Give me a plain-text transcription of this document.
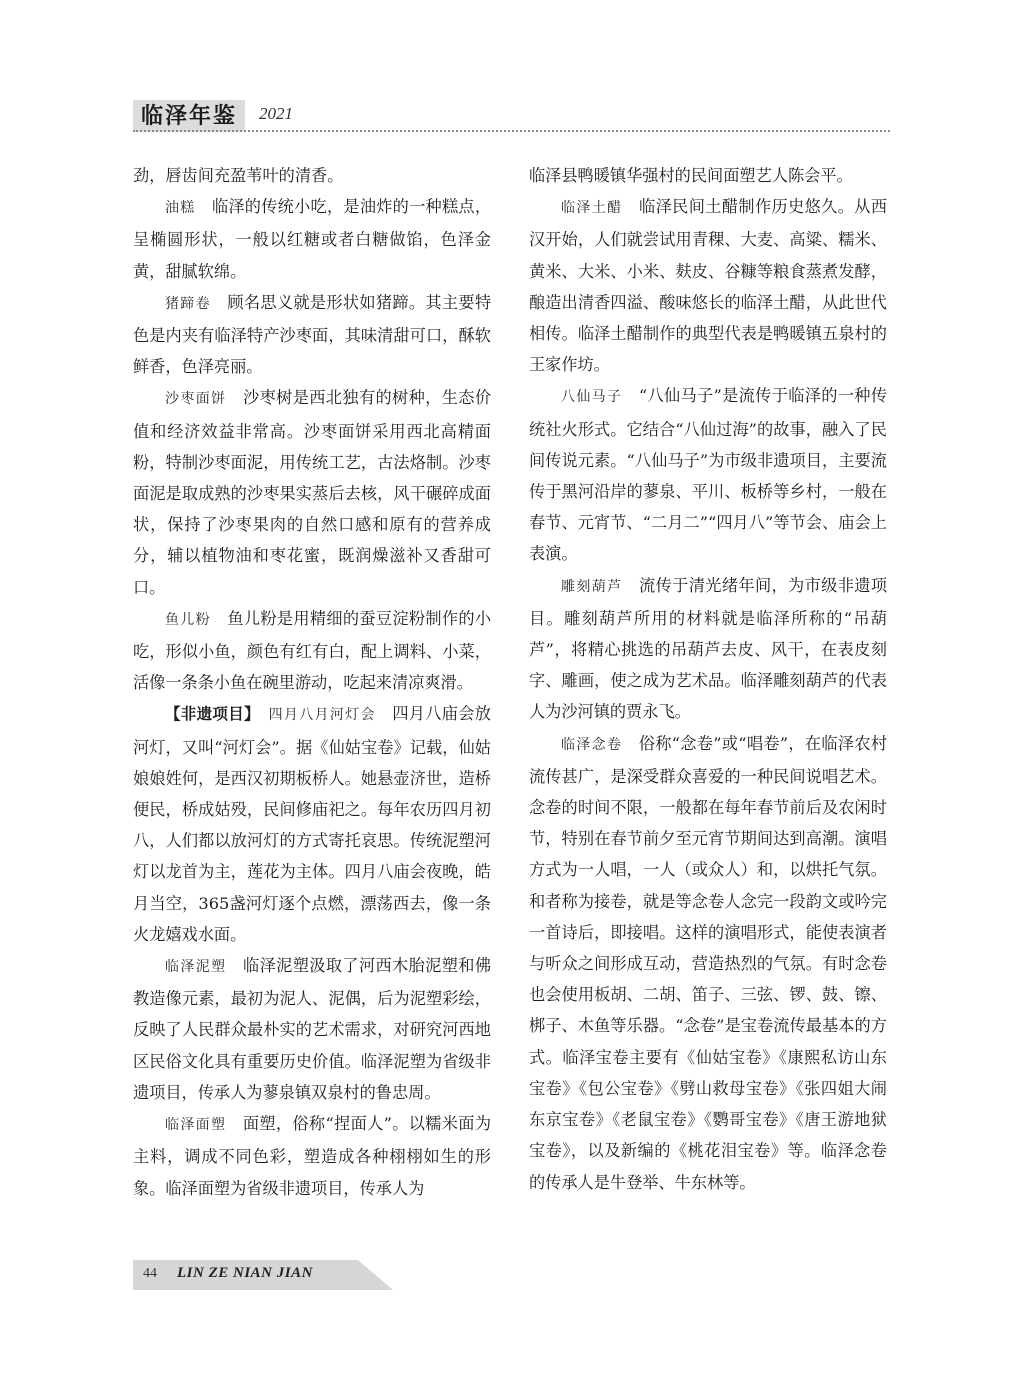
临泽年鉴	2021

劲，唇齿间充盈苇叶的清香。

油糕　 临泽的传统小吃，是油炸的一种糕点，呈椭圆形状，一般以红糖或者白糖做馅，色泽金黄，甜腻软绵。

猪蹄卷　 顾名思义就是形状如猪蹄。其主要特色是内夹有临泽特产沙枣面，其味清甜可口，酥软鲜香，色泽亮丽。

沙枣面饼　 沙枣树是西北独有的树种，生态价值和经济效益非常高。沙枣面饼采用西北高精面粉，特制沙枣面泥，用传统工艺，古法烙制。沙枣面泥是取成熟的沙枣果实蒸后去核，风干碾碎成面状，保持了沙枣果肉的自然口感和原有的营养成分，辅以植物油和枣花蜜，既润燥滋补又香甜可口。

鱼儿粉　 鱼儿粉是用精细的蚕豆淀粉制作的小吃，形似小鱼，颜色有红有白，配上调料、小菜，活像一条条小鱼在碗里游动，吃起来清凉爽滑。

【非遗项目】　 四月八月河灯会　 四月八庙会放河灯，又叫“河灯会”。据《仙姑宝卷》记载，仙姑娘娘姓何，是西汉初期板桥人。她悬壶济世，造桥便民，桥成姑殁，民间修庙祀之。每年农历四月初八，人们都以放河灯的方式寄托哀思。传统泥塑河灯以龙首为主，莲花为主体。四月八庙会夜晚，皓月当空，365盏河灯逐个点燃，漂荡西去，像一条火龙嬉戏水面。

临泽泥塑　 临泽泥塑汲取了河西木胎泥塑和佛教造像元素，最初为泥人、泥偶，后为泥塑彩绘，反映了人民群众最朴实的艺术需求，对研究河西地区民俗文化具有重要历史价值。临泽泥塑为省级非遗项目，传承人为蓼泉镇双泉村的鲁忠周。

临泽面塑　 面塑，俗称“捏面人”。以糯米面为主料，调成不同色彩，塑造成各种栩栩如生的形象。临泽面塑为省级非遗项目，传承人为

临泽县鸭暖镇华强村的民间面塑艺人陈会平。

临泽土醋　 临泽民间土醋制作历史悠久。从西汉开始，人们就尝试用青稞、大麦、高粱、糯米、黄米、大米、小米、麸皮、谷糠等粮食蒸煮发酵，酿造出清香四溢、酸味悠长的临泽土醋，从此世代相传。临泽土醋制作的典型代表是鸭暖镇五泉村的王家作坊。

八仙马子　 “八仙马子”是流传于临泽的一种传统社火形式。它结合“八仙过海”的故事，融入了民间传说元素。“八仙马子”为市级非遗项目，主要流传于黑河沿岸的蓼泉、平川、板桥等乡村，一般在春节、元宵节、“二月二”“四月八”等节会、庙会上表演。

雕刻葫芦　 流传于清光绪年间，为市级非遗项目。雕刻葫芦所用的材料就是临泽所称的“吊葫芦”，将精心挑选的吊葫芦去皮、风干，在表皮刻字、雕画，使之成为艺术品。临泽雕刻葫芦的代表人为沙河镇的贾永飞。

临泽念卷　 俗称“念卷”或“唱卷”，在临泽农村流传甚广，是深受群众喜爱的一种民间说唱艺术。念卷的时间不限，一般都在每年春节前后及农闲时节，特别在春节前夕至元宵节期间达到高潮。演唱方式为一人唱，一人（或众人）和，以烘托气氛。和者称为接卷，就是等念卷人念完一段韵文或吟完一首诗后，即接唱。这样的演唱形式，能使表演者与听众之间形成互动，营造热烈的气氛。有时念卷也会使用板胡、二胡、笛子、三弦、锣、鼓、镲、梆子、木鱼等乐器。“念卷”是宝卷流传最基本的方式。临泽宝卷主要有《仙姑宝卷》《康熙私访山东宝卷》《包公宝卷》《劈山救母宝卷》《张四姐大闹东京宝卷》《老鼠宝卷》《鹦哥宝卷》《唐王游地狱宝卷》，以及新编的《桃花泪宝卷》等。临泽念卷的传承人是牛登举、牛东林等。

44 LIN ZE NIAN JIAN
